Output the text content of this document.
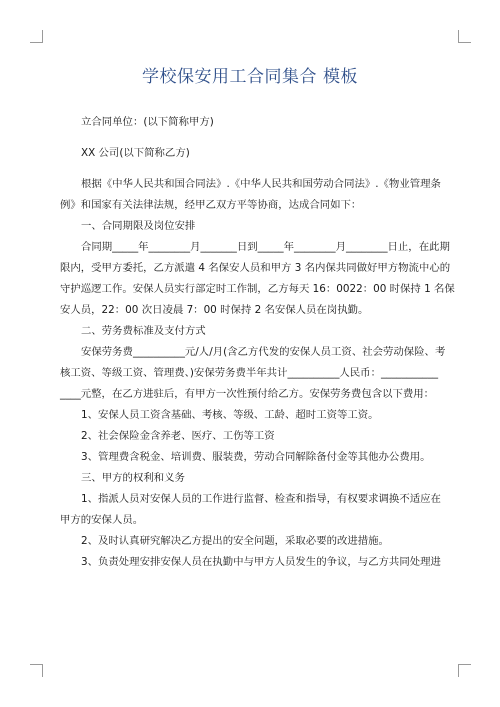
学校保安用工合同集合 模板

立合同单位：(以下简称甲方)

XX 公司(以下简称乙方)

根据《中华人民共和国合同法》.《中华人民共和国劳动合同法》.《物业管理条

例》和国家有关法律法规，经甲乙双方平等协商，达成合同如下：

一、合同期限及岗位安排

合同期_____年________月_______日到_____年________月________日止，在此期

限内，受甲方委托，乙方派遣 4 名保安人员和甲方 3 名内保共同做好甲方物流中心的

守护巡逻工作。安保人员实行部定时工作制，乙方每天 16：0022：00 时保持 1 名保

安人员，22：00 次日凌晨 7：00 时保持 2 名安保人员在岗执勤。

二、劳务费标准及支付方式

安保劳务费__________元/人/月(含乙方代发的安保人员工资、社会劳动保险、考

核工资、等级工资、管理费、)安保劳务费半年共计__________人民币：___________

____元整，在乙方进驻后，有甲方一次性预付给乙方。安保劳务费包含以下费用：

1、安保人员工资含基础、考核、等级、工龄、超时工资等工资。

2、社会保险金含养老、医疗、工伤等工资

3、管理费含税金、培训费、服装费，劳动合同解除备付金等其他办公费用。

三、甲方的权利和义务

1、指派人员对安保人员的工作进行监督、检查和指导，有权要求调换不适应在

甲方的安保人员。

2、及时认真研究解决乙方提出的安全问题，采取必要的改进措施。

3、负责处理安排安保人员在执勤中与甲方人员发生的争议，与乙方共同处理进
